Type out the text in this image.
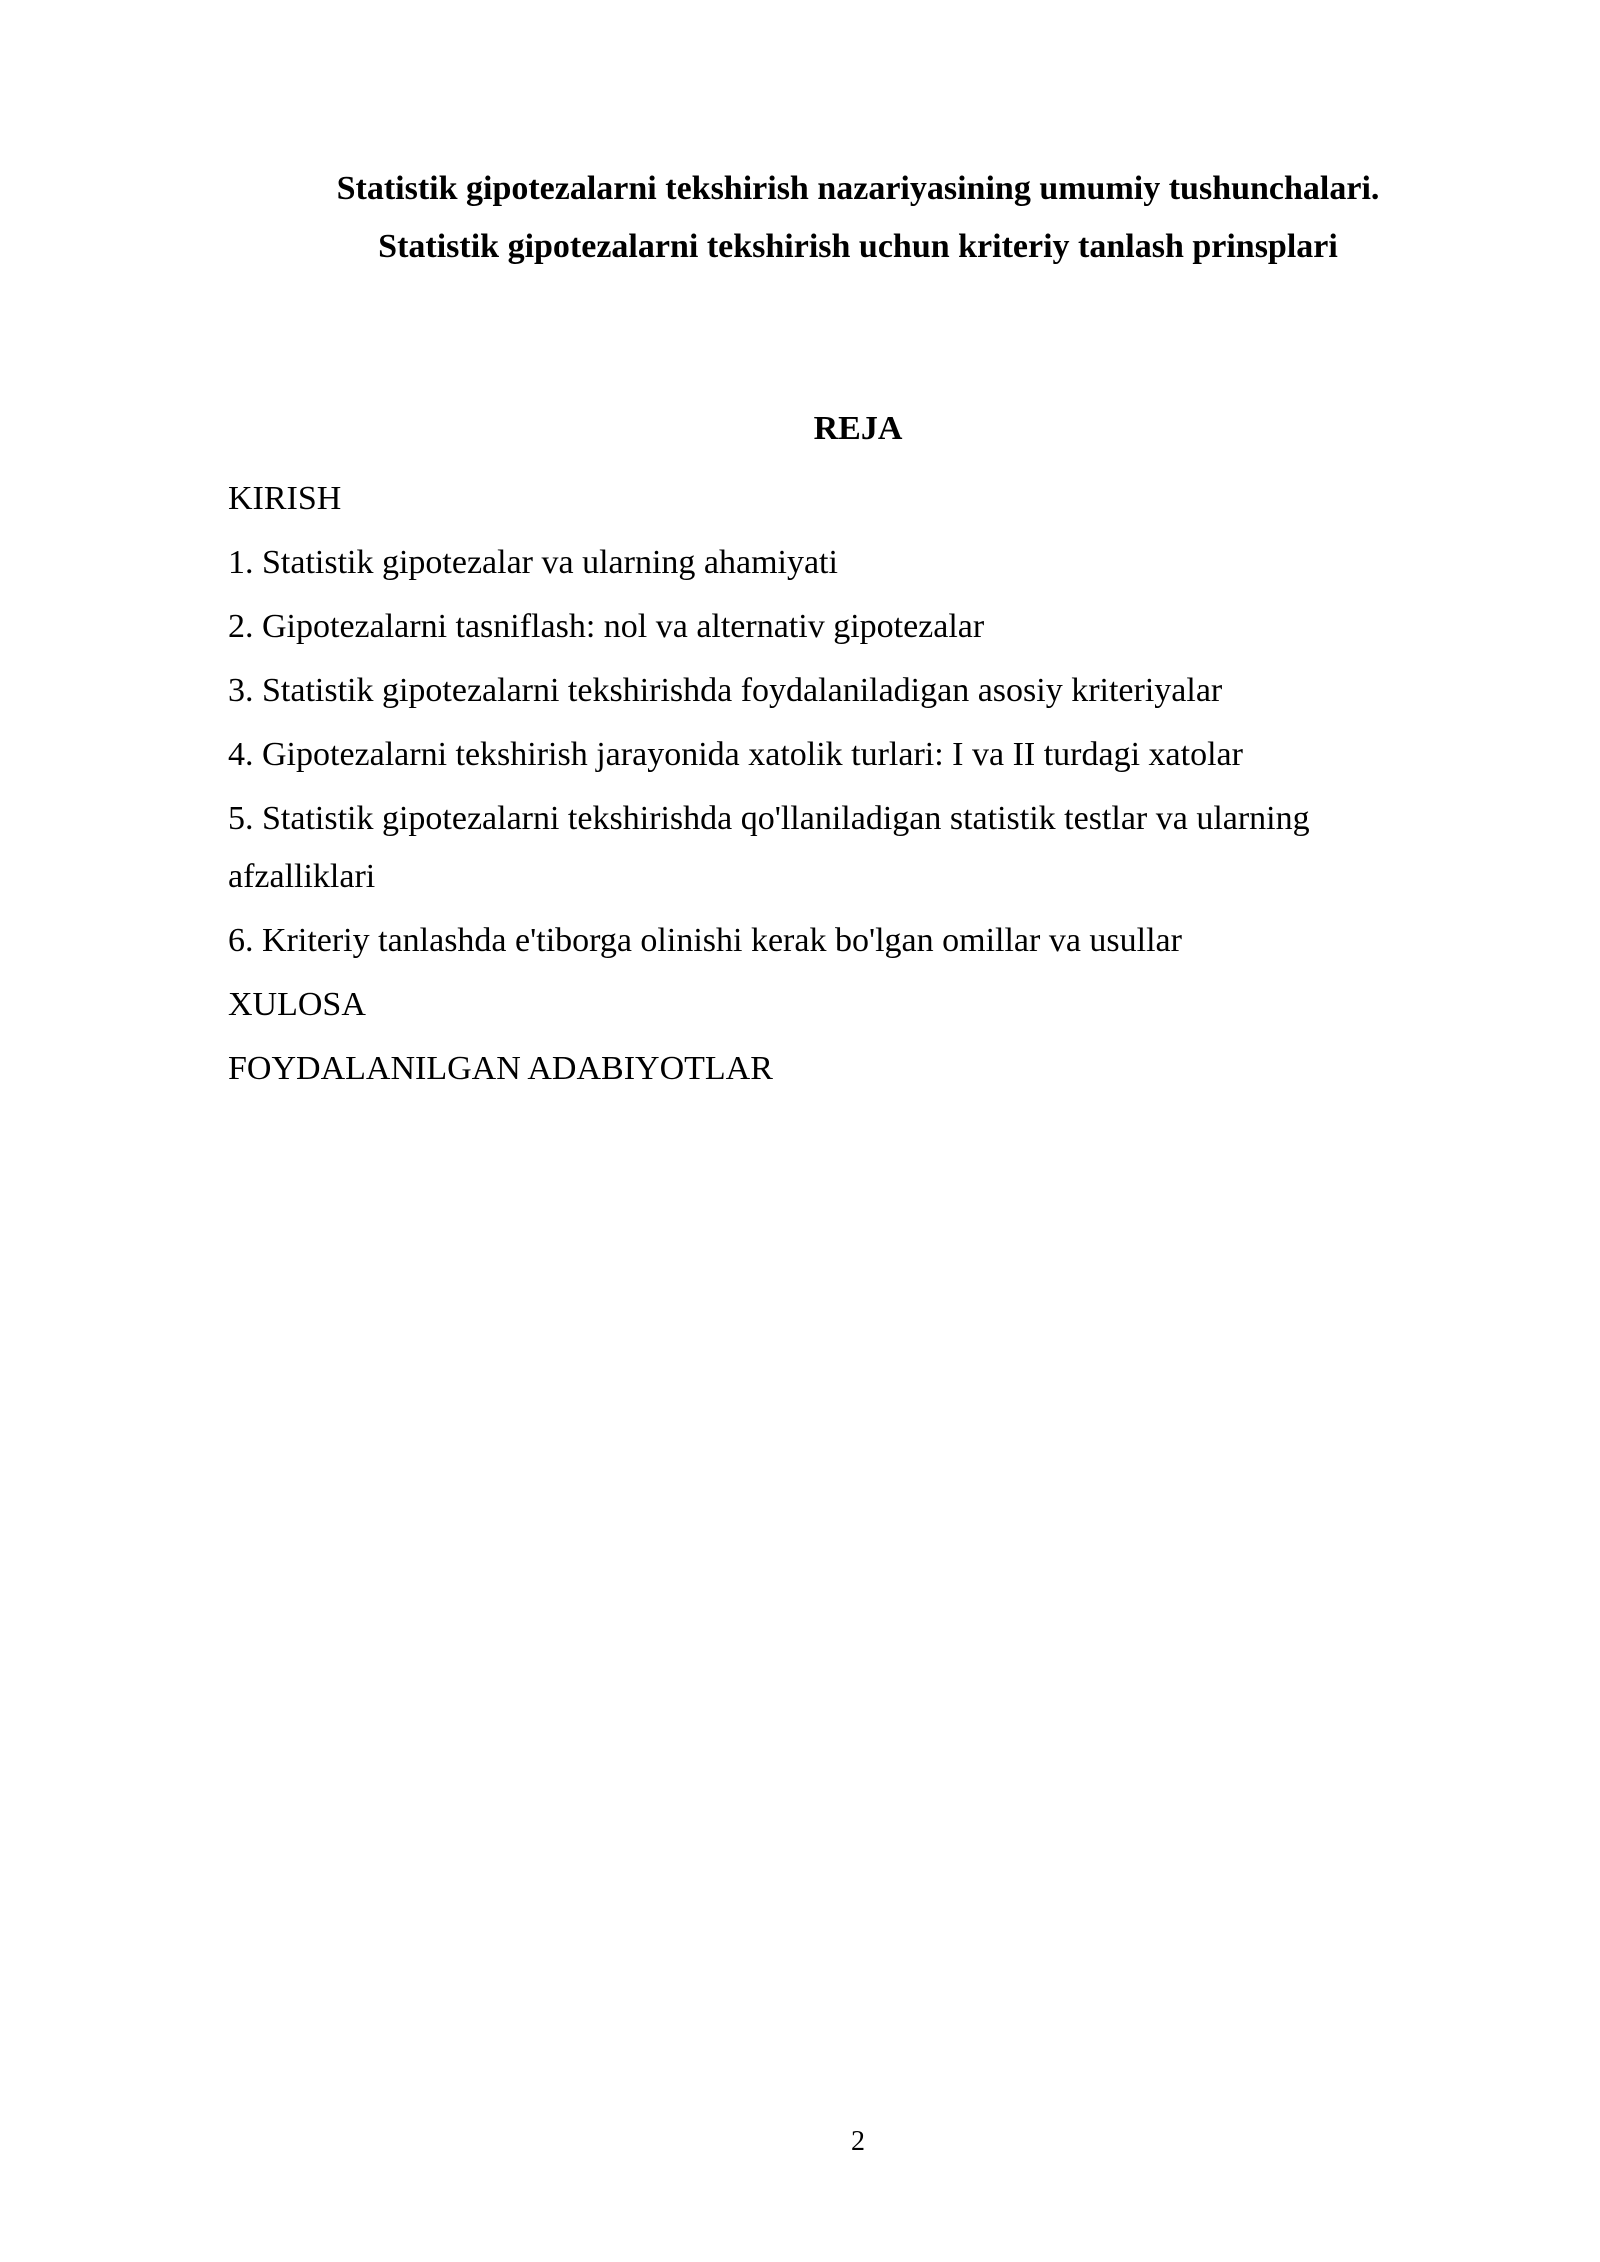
Statistik gipotezalarni tekshirish nazariyasining umumiy tushunchalari.
Statistik gipotezalarni tekshirish uchun kriteriy tanlash prinsplari
REJA
KIRISH
1. Statistik gipotezalar va ularning ahamiyati
2. Gipotezalarni tasniflash: nol va alternativ gipotezalar
3. Statistik gipotezalarni tekshirishda foydalaniladigan asosiy kriteriyalar
4. Gipotezalarni tekshirish jarayonida xatolik turlari: I va II turdagi xatolar
5. Statistik gipotezalarni tekshirishda qo'llaniladigan statistik testlar va ularning afzalliklari
6. Kriteriy tanlashda e'tiborga olinishi kerak bo'lgan omillar va usullar
XULOSA
FOYDALANILGAN ADABIYOTLAR
2
